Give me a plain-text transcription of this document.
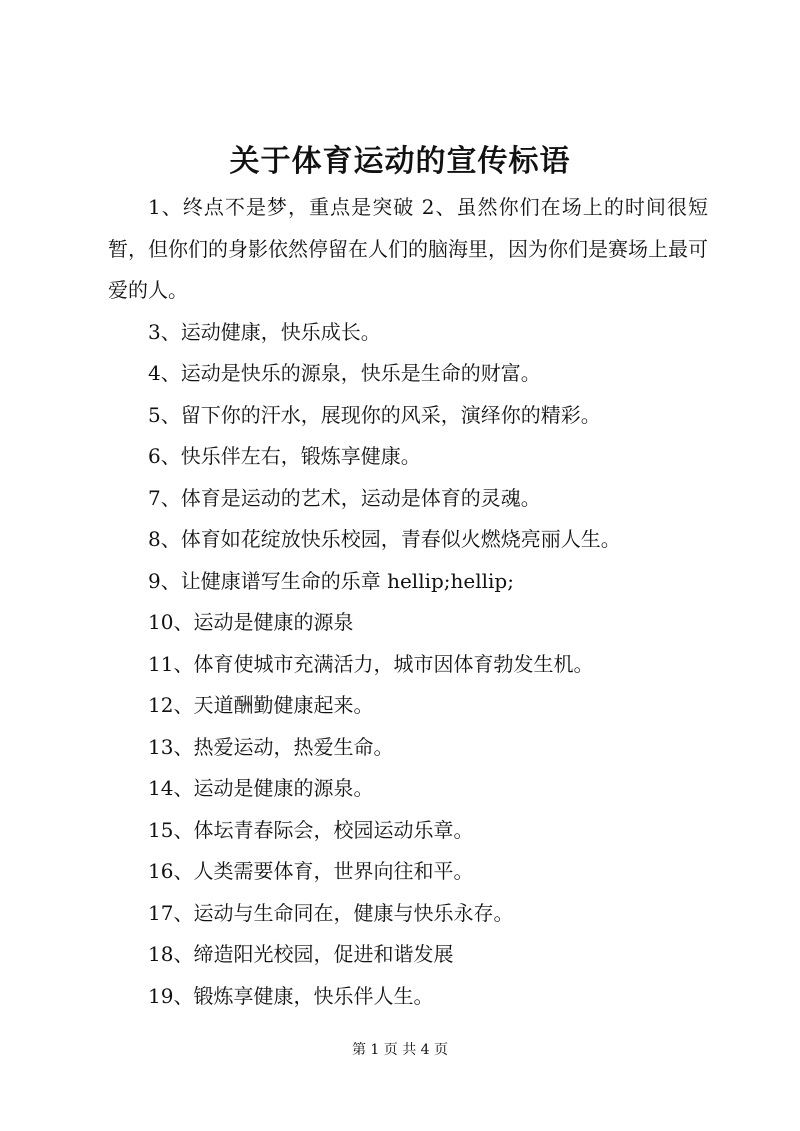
关于体育运动的宣传标语

1、终点不是梦，重点是突破 2、虽然你们在场上的时间很短暂，但你们的身影依然停留在人们的脑海里，因为你们是赛场上最可爱的人。

3、运动健康，快乐成长。
4、运动是快乐的源泉，快乐是生命的财富。
5、留下你的汗水，展现你的风采，演绎你的精彩。
6、快乐伴左右，锻炼享健康。
7、体育是运动的艺术，运动是体育的灵魂。
8、体育如花绽放快乐校园，青春似火燃烧亮丽人生。
9、让健康谱写生命的乐章 hellip;hellip;
10、运动是健康的源泉
11、体育使城市充满活力，城市因体育勃发生机。
12、天道酬勤健康起来。
13、热爱运动，热爱生命。
14、运动是健康的源泉。
15、体坛青春际会，校园运动乐章。
16、人类需要体育，世界向往和平。
17、运动与生命同在，健康与快乐永存。
18、缔造阳光校园，促进和谐发展
19、锻炼享健康，快乐伴人生。
第 1 页 共 4 页
